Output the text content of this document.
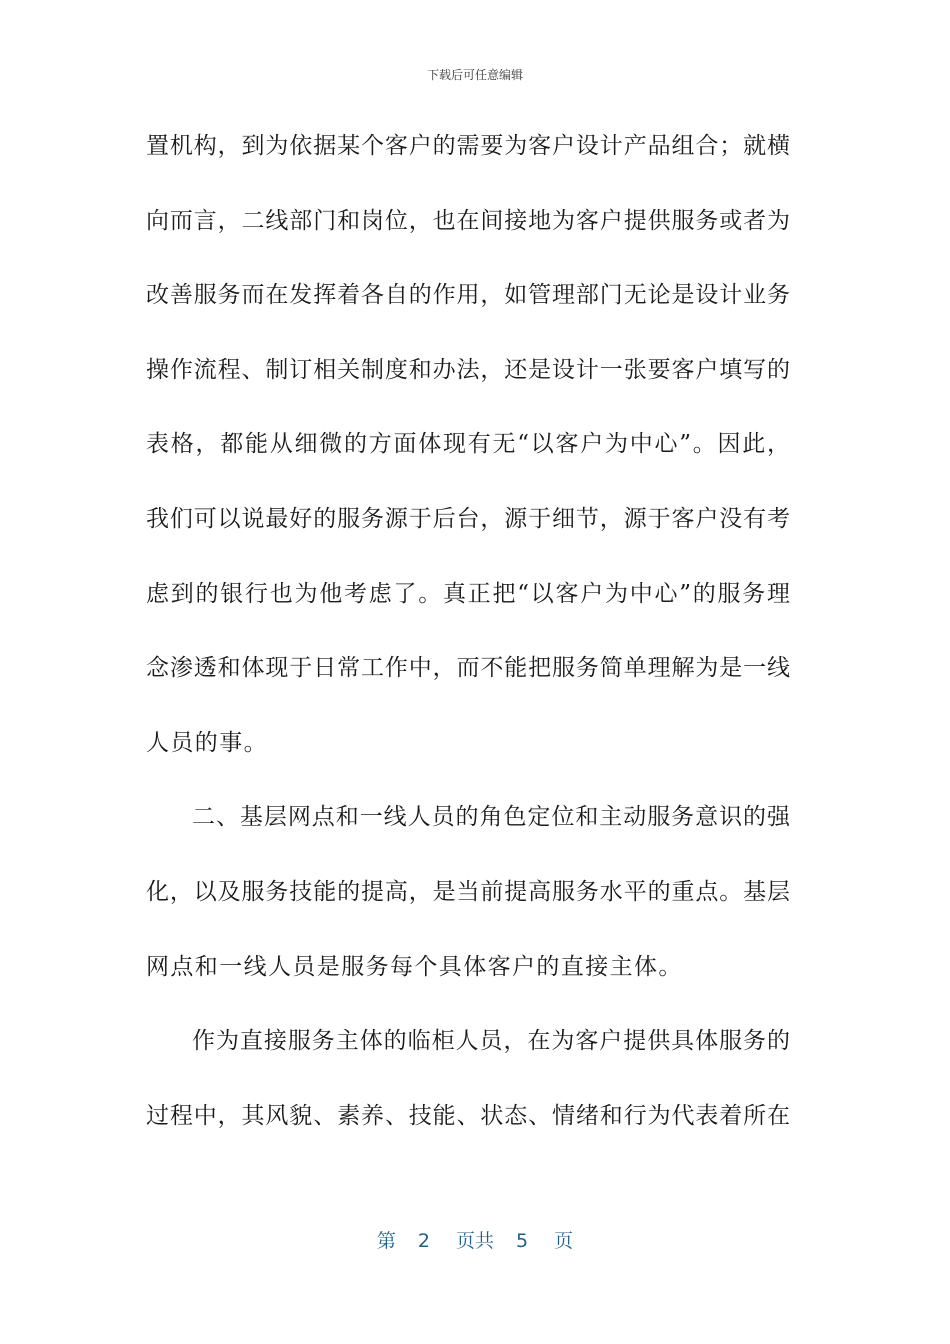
下载后可任意编辑
置机构，到为依据某个客户的需要为客户设计产品组合；就横
向而言，二线部门和岗位，也在间接地为客户提供服务或者为
改善服务而在发挥着各自的作用，如管理部门无论是设计业务
操作流程、制订相关制度和办法，还是设计一张要客户填写的
表格，都能从细微的方面体现有无“以客户为中心”。因此，
我们可以说最好的服务源于后台，源于细节，源于客户没有考
虑到的银行也为他考虑了。真正把“以客户为中心”的服务理
念渗透和体现于日常工作中，而不能把服务简单理解为是一线
人员的事。
二、基层网点和一线人员的角色定位和主动服务意识的强
化，以及服务技能的提高，是当前提高服务水平的重点。基层
网点和一线人员是服务每个具体客户的直接主体。
作为直接服务主体的临柜人员，在为客户提供具体服务的
过程中，其风貌、素养、技能、状态、情绪和行为代表着所在
第 2 页共 5 页
